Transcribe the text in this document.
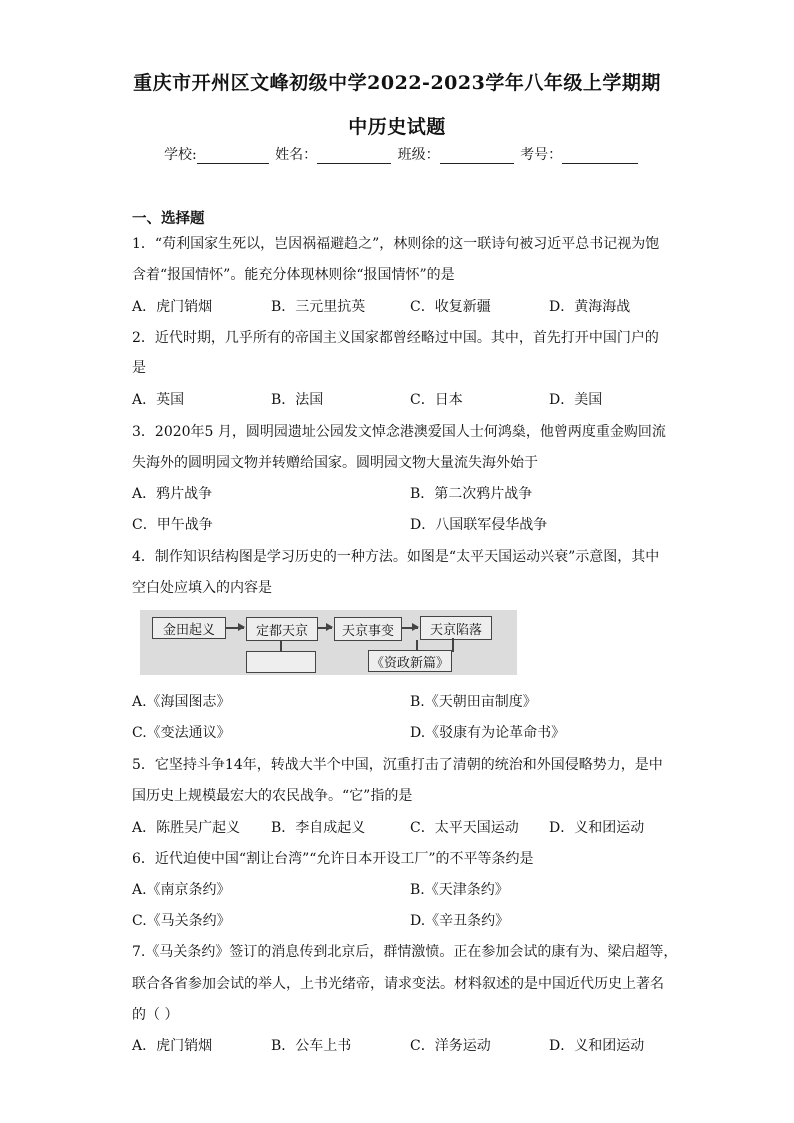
重庆市开州区文峰初级中学2022-2023学年八年级上学期期
中历史试题
学校:	姓名：	班级：	考号：
一、选择题
1．“苟利国家生死以，岂因祸福避趋之”，林则徐的这一联诗句被习近平总书记视为饱
含着“报国情怀”。能充分体现林则徐“报国情怀”的是
A．虎门销烟	B．三元里抗英	C．收复新疆	D．黄海海战
2．近代时期，几乎所有的帝国主义国家都曾经略过中国。其中，首先打开中国门户的
是
A．英国	B．法国	C．日本	D．美国
3．2020年5 月，圆明园遗址公园发文悼念港澳爱国人士何鸿燊，他曾两度重金购回流
失海外的圆明园文物并转赠给国家。圆明园文物大量流失海外始于
A．鸦片战争	B．第二次鸦片战争
C．甲午战争	D．八国联军侵华战争
4．制作知识结构图是学习历史的一种方法。如图是“太平天国运动兴衰”示意图，其中
空白处应填入的内容是
金田起义	定都天京	天京事变	天京陷落
《资政新篇》
A.《海国图志》	B.《天朝田亩制度》
C.《变法通议》	D.《驳康有为论革命书》
5．它坚持斗争14年，转战大半个中国，沉重打击了清朝的统治和外国侵略势力，是中
国历史上规模最宏大的农民战争。“它”指的是
A．陈胜吴广起义 B．李自成起义	C．太平天国运动 D．义和团运动
6．近代迫使中国“割让台湾”“允许日本开设工厂”的不平等条约是
A.《南京条约》	B.《天津条约》
C.《马关条约》	D.《辛丑条约》
7.《马关条约》签订的消息传到北京后，群情激愤。正在参加会试的康有为、梁启超等，
联合各省参加会试的举人，上书光绪帝，请求变法。材料叙述的是中国近代历史上著名
的（ ）
A．虎门销烟	B．公车上书	C．洋务运动	D．义和团运动
